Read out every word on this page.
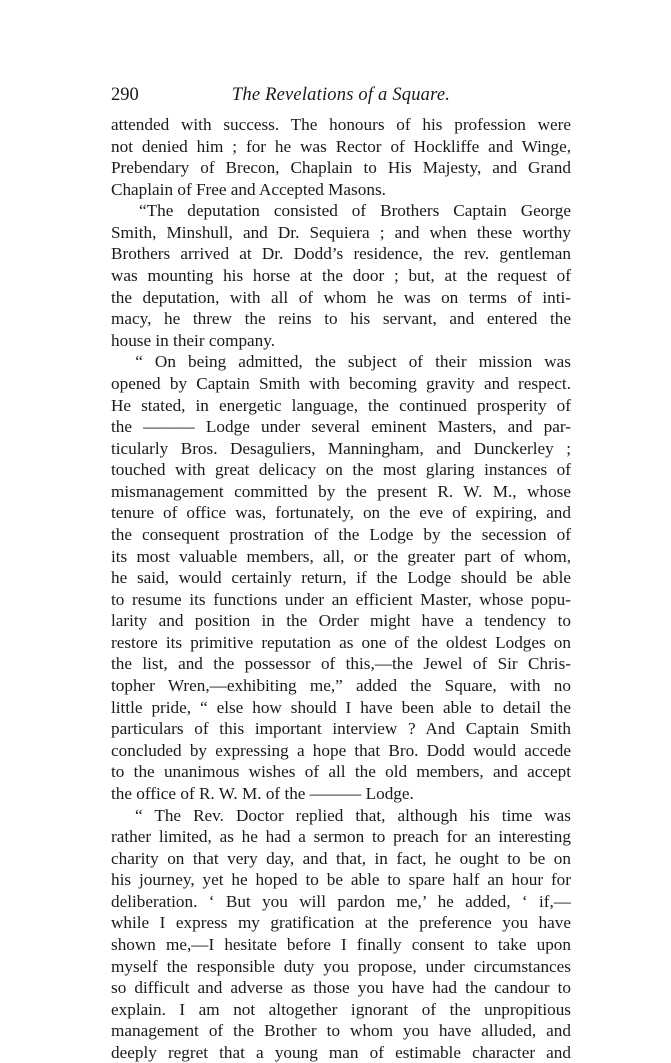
290	The Revelations of a Square.
attended with success. The honours of his profession were
not denied him ; for he was Rector of Hockliffe and Winge,
Prebendary of Brecon, Chaplain to His Majesty, and Grand
Chaplain of Free and Accepted Masons.
“The deputation consisted of Brothers Captain George
Smith, Minshull, and Dr. Sequiera ; and when these worthy
Brothers arrived at Dr. Dodd’s residence, the rev. gentleman
was mounting his horse at the door ; but, at the request of
the deputation, with all of whom he was on terms of inti-
macy, he threw the reins to his servant, and entered the
house in their company.
“ On being admitted, the subject of their mission was
opened by Captain Smith with becoming gravity and respect.
He stated, in energetic language, the continued prosperity of
the ——— Lodge under several eminent Masters, and par-
ticularly Bros. Desaguliers, Manningham, and Dunckerley ;
touched with great delicacy on the most glaring instances of
mismanagement committed by the present R. W. M., whose
tenure of office was, fortunately, on the eve of expiring, and
the consequent prostration of the Lodge by the secession of
its most valuable members, all, or the greater part of whom,
he said, would certainly return, if the Lodge should be able
to resume its functions under an efficient Master, whose popu-
larity and position in the Order might have a tendency to
restore its primitive reputation as one of the oldest Lodges on
the list, and the possessor of this,—the Jewel of Sir Chris-
topher Wren,—exhibiting me,” added the Square, with no
little pride, “ else how should I have been able to detail the
particulars of this important interview ? And Captain Smith
concluded by expressing a hope that Bro. Dodd would accede
to the unanimous wishes of all the old members, and accept
the office of R. W. M. of the ——— Lodge.
“ The Rev. Doctor replied that, although his time was
rather limited, as he had a sermon to preach for an interesting
charity on that very day, and that, in fact, he ought to be on
his journey, yet he hoped to be able to spare half an hour for
deliberation. ‘ But you will pardon me,’ he added, ‘ if,—
while I express my gratification at the preference you have
shown me,—I hesitate before I finally consent to take upon
myself the responsible duty you propose, under circumstances
so difficult and adverse as those you have had the candour to
explain. I am not altogether ignorant of the unpropitious
management of the Brother to whom you have alluded, and
deeply regret that a young man of estimable character and
